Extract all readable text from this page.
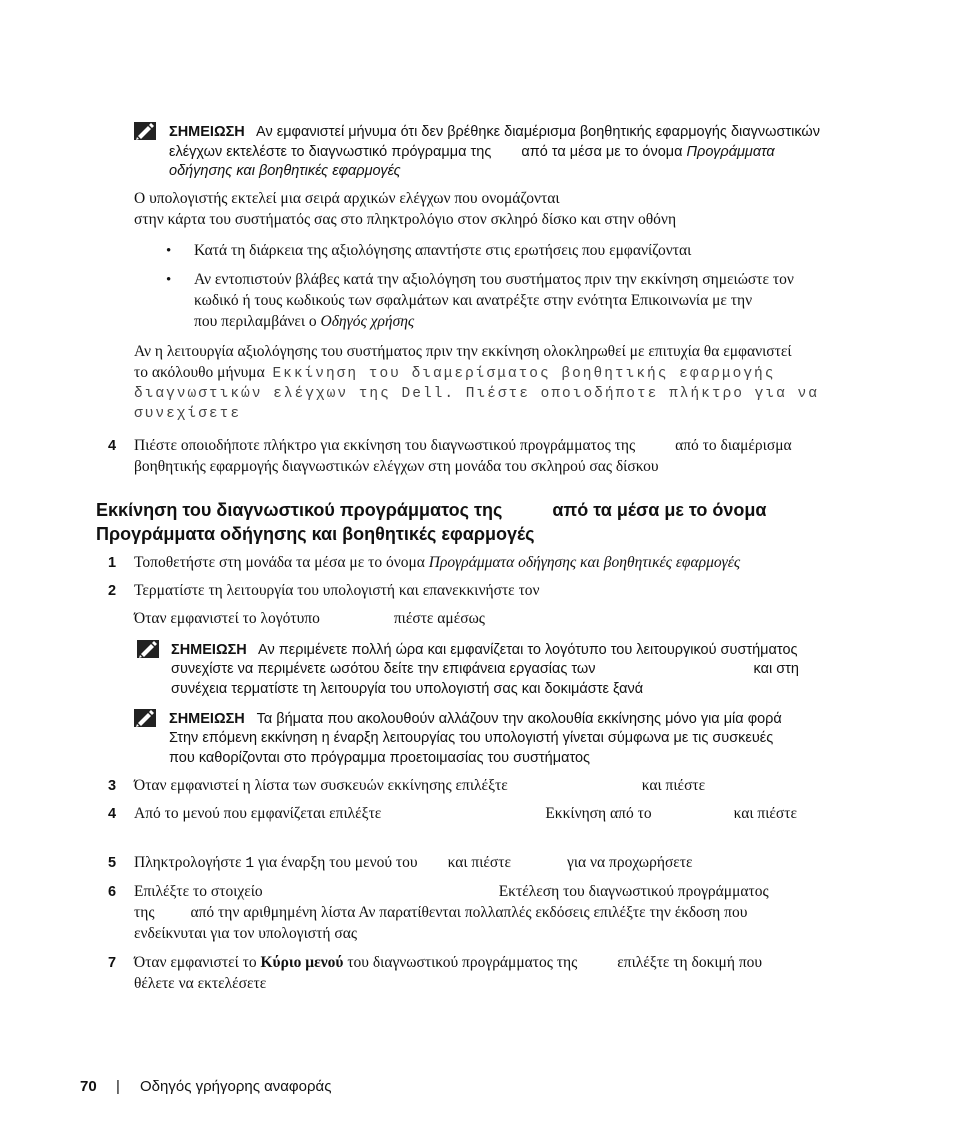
ΣΗΜΕΙΩΣΗ Αν εμφανιστεί μήνυμα ότι δεν βρέθηκε διαμέρισμα βοηθητικής εφαρμογής διαγνωστικών
ελέγχων εκτελέστε το διαγνωστικό πρόγραμμα της από τα μέσα με το όνομα Προγράμματα
οδήγησης και βοηθητικές εφαρμογές
Ο υπολογιστής εκτελεί μια σειρά αρχικών ελέγχων που ονομάζονται
στην κάρτα του συστήματός σας στο πληκτρολόγιο στον σκληρό δίσκο και στην οθόνη
• Κατά τη διάρκεια της αξιολόγησης απαντήστε στις ερωτήσεις που εμφανίζονται
• Αν εντοπιστούν βλάβες κατά την αξιολόγηση του συστήματος πριν την εκκίνηση σημειώστε τον
κωδικό ή τους κωδικούς των σφαλμάτων και ανατρέξτε στην ενότητα Επικοινωνία με την
που περιλαμβάνει ο Οδηγός χρήσης
Αν η λειτουργία αξιολόγησης του συστήματος πριν την εκκίνηση ολοκληρωθεί με επιτυχία θα εμφανιστεί
το ακόλουθο μήνυμα Εκκίνηση του διαμερίσματος βοηθητικής εφαρμογής
διαγνωστικών ελέγχων της Dell. Πιέστε οποιοδήποτε πλήκτρο για να
συνεχίσετε
4 Πιέστε οποιοδήποτε πλήκτρο για εκκίνηση του διαγνωστικού προγράμματος της	από το διαμέρισμα
βοηθητικής εφαρμογής διαγνωστικών ελέγχων στη μονάδα του σκληρού σας δίσκου
Εκκίνηση του διαγνωστικού προγράμματος της	από τα μέσα με το όνομα
Προγράμματα οδήγησης και βοηθητικές εφαρμογές
1 Τοποθετήστε στη μονάδα τα μέσα με το όνομα Προγράμματα οδήγησης και βοηθητικές εφαρμογές
2 Τερματίστε τη λειτουργία του υπολογιστή και επανεκκινήστε τον
Όταν εμφανιστεί το λογότυπο	πιέστε αμέσως
ΣΗΜΕΙΩΣΗ Αν περιμένετε πολλή ώρα και εμφανίζεται το λογότυπο του λειτουργικού συστήματος
συνεχίστε να περιμένετε ωσότου δείτε την επιφάνεια εργασίας των	και στη
συνέχεια τερματίστε τη λειτουργία του υπολογιστή σας και δοκιμάστε ξανά
ΣΗΜΕΙΩΣΗ Τα βήματα που ακολουθούν αλλάζουν την ακολουθία εκκίνησης μόνο για μία φορά
Στην επόμενη εκκίνηση η έναρξη λειτουργίας του υπολογιστή γίνεται σύμφωνα με τις συσκευές
που καθορίζονται στο πρόγραμμα προετοιμασίας του συστήματος
3 Όταν εμφανιστεί η λίστα των συσκευών εκκίνησης επιλέξτε	και πιέστε
4 Από το μενού που εμφανίζεται επιλέξτε	Εκκίνηση από το	και πιέστε
5 Πληκτρολογήστε 1 για έναρξη του μενού του και πιέστε	για να προχωρήσετε
6 Επιλέξτε το στοιχείο	Εκτέλεση του διαγνωστικού προγράμματος
της από την αριθμημένη λίστα Αν παρατίθενται πολλαπλές εκδόσεις επιλέξτε την έκδοση που
ενδείκνυται για τον υπολογιστή σας
7 Όταν εμφανιστεί το Κύριο μενού του διαγνωστικού προγράμματος της	επιλέξτε τη δοκιμή που
θέλετε να εκτελέσετε
70 | Οδηγός γρήγορης αναφοράς
